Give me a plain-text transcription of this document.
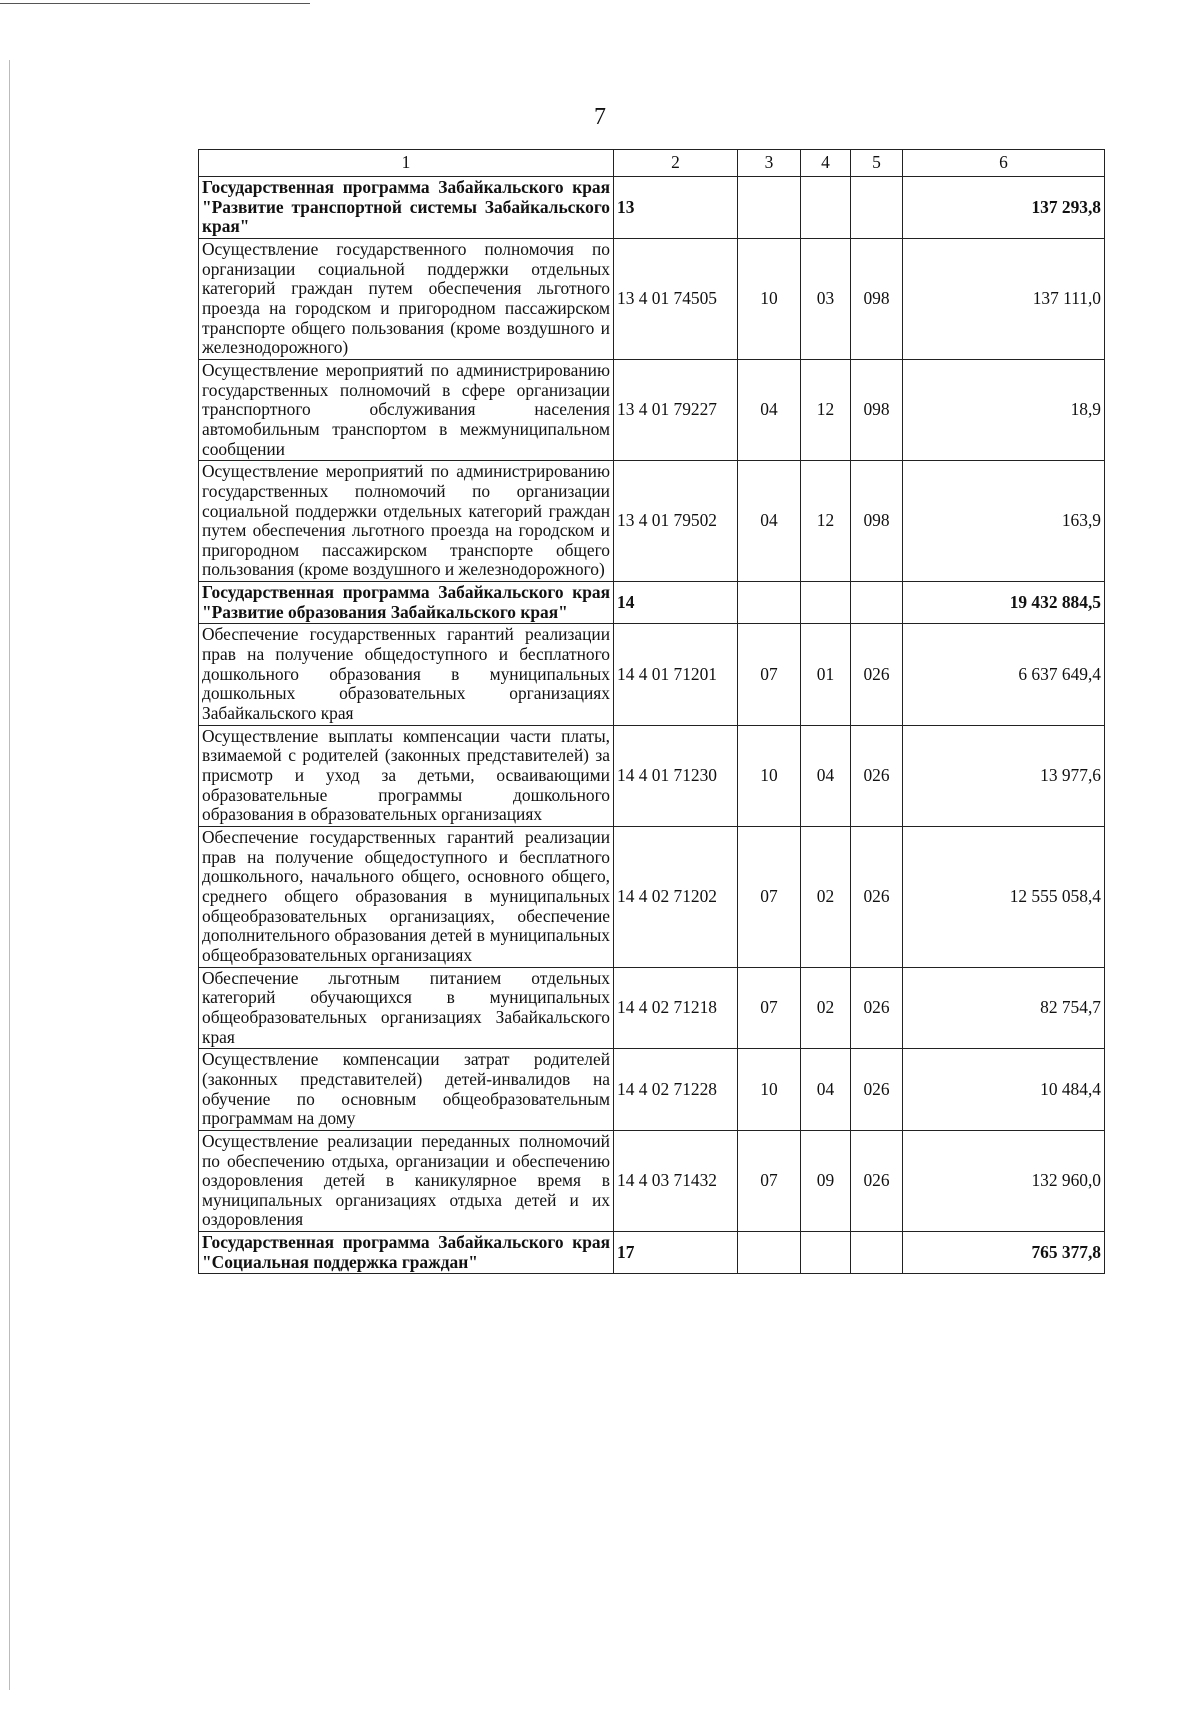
7
1	2	3	4	5	6
Государственная программа Забайкальского края "Развитие транспортной системы Забайкальского края"	13				137 293,8
Осуществление государственного полномочия по организации социальной поддержки отдельных категорий граждан путем обеспечения льготного проезда на городском и пригородном пассажирском транспорте общего пользования (кроме воздушного и железнодорожного)	13 4 01 74505	10	03	098	137 111,0
Осуществление мероприятий по администрированию государственных полномочий в сфере организации транспортного обслуживания населения автомобильным транспортом в межмуниципальном сообщении	13 4 01 79227	04	12	098	18,9
Осуществление мероприятий по администрированию государственных полномочий по организации социальной поддержки отдельных категорий граждан путем обеспечения льготного проезда на городском и пригородном пассажирском транспорте общего пользования (кроме воздушного и железнодорожного)	13 4 01 79502	04	12	098	163,9
Государственная программа Забайкальского края "Развитие образования Забайкальского края"	14				19 432 884,5
Обеспечение государственных гарантий реализации прав на получение общедоступного и бесплатного дошкольного образования в муниципальных дошкольных образовательных организациях Забайкальского края	14 4 01 71201	07	01	026	6 637 649,4
Осуществление выплаты компенсации части платы, взимаемой с родителей (законных представителей) за присмотр и уход за детьми, осваивающими образовательные программы дошкольного образования в образовательных организациях	14 4 01 71230	10	04	026	13 977,6
Обеспечение государственных гарантий реализации прав на получение общедоступного и бесплатного дошкольного, начального общего, основного общего, среднего общего образования в муниципальных общеобразовательных организациях, обеспечение дополнительного образования детей в муниципальных общеобразовательных организациях	14 4 02 71202	07	02	026	12 555 058,4
Обеспечение льготным питанием отдельных категорий обучающихся в муниципальных общеобразовательных организациях Забайкальского края	14 4 02 71218	07	02	026	82 754,7
Осуществление компенсации затрат родителей (законных представителей) детей-инвалидов на обучение по основным общеобразовательным программам на дому	14 4 02 71228	10	04	026	10 484,4
Осуществление реализации переданных полномочий по обеспечению отдыха, организации и обеспечению оздоровления детей в каникулярное время в муниципальных организациях отдыха детей и их оздоровления	14 4 03 71432	07	09	026	132 960,0
Государственная программа Забайкальского края "Социальная поддержка граждан"	17				765 377,8
